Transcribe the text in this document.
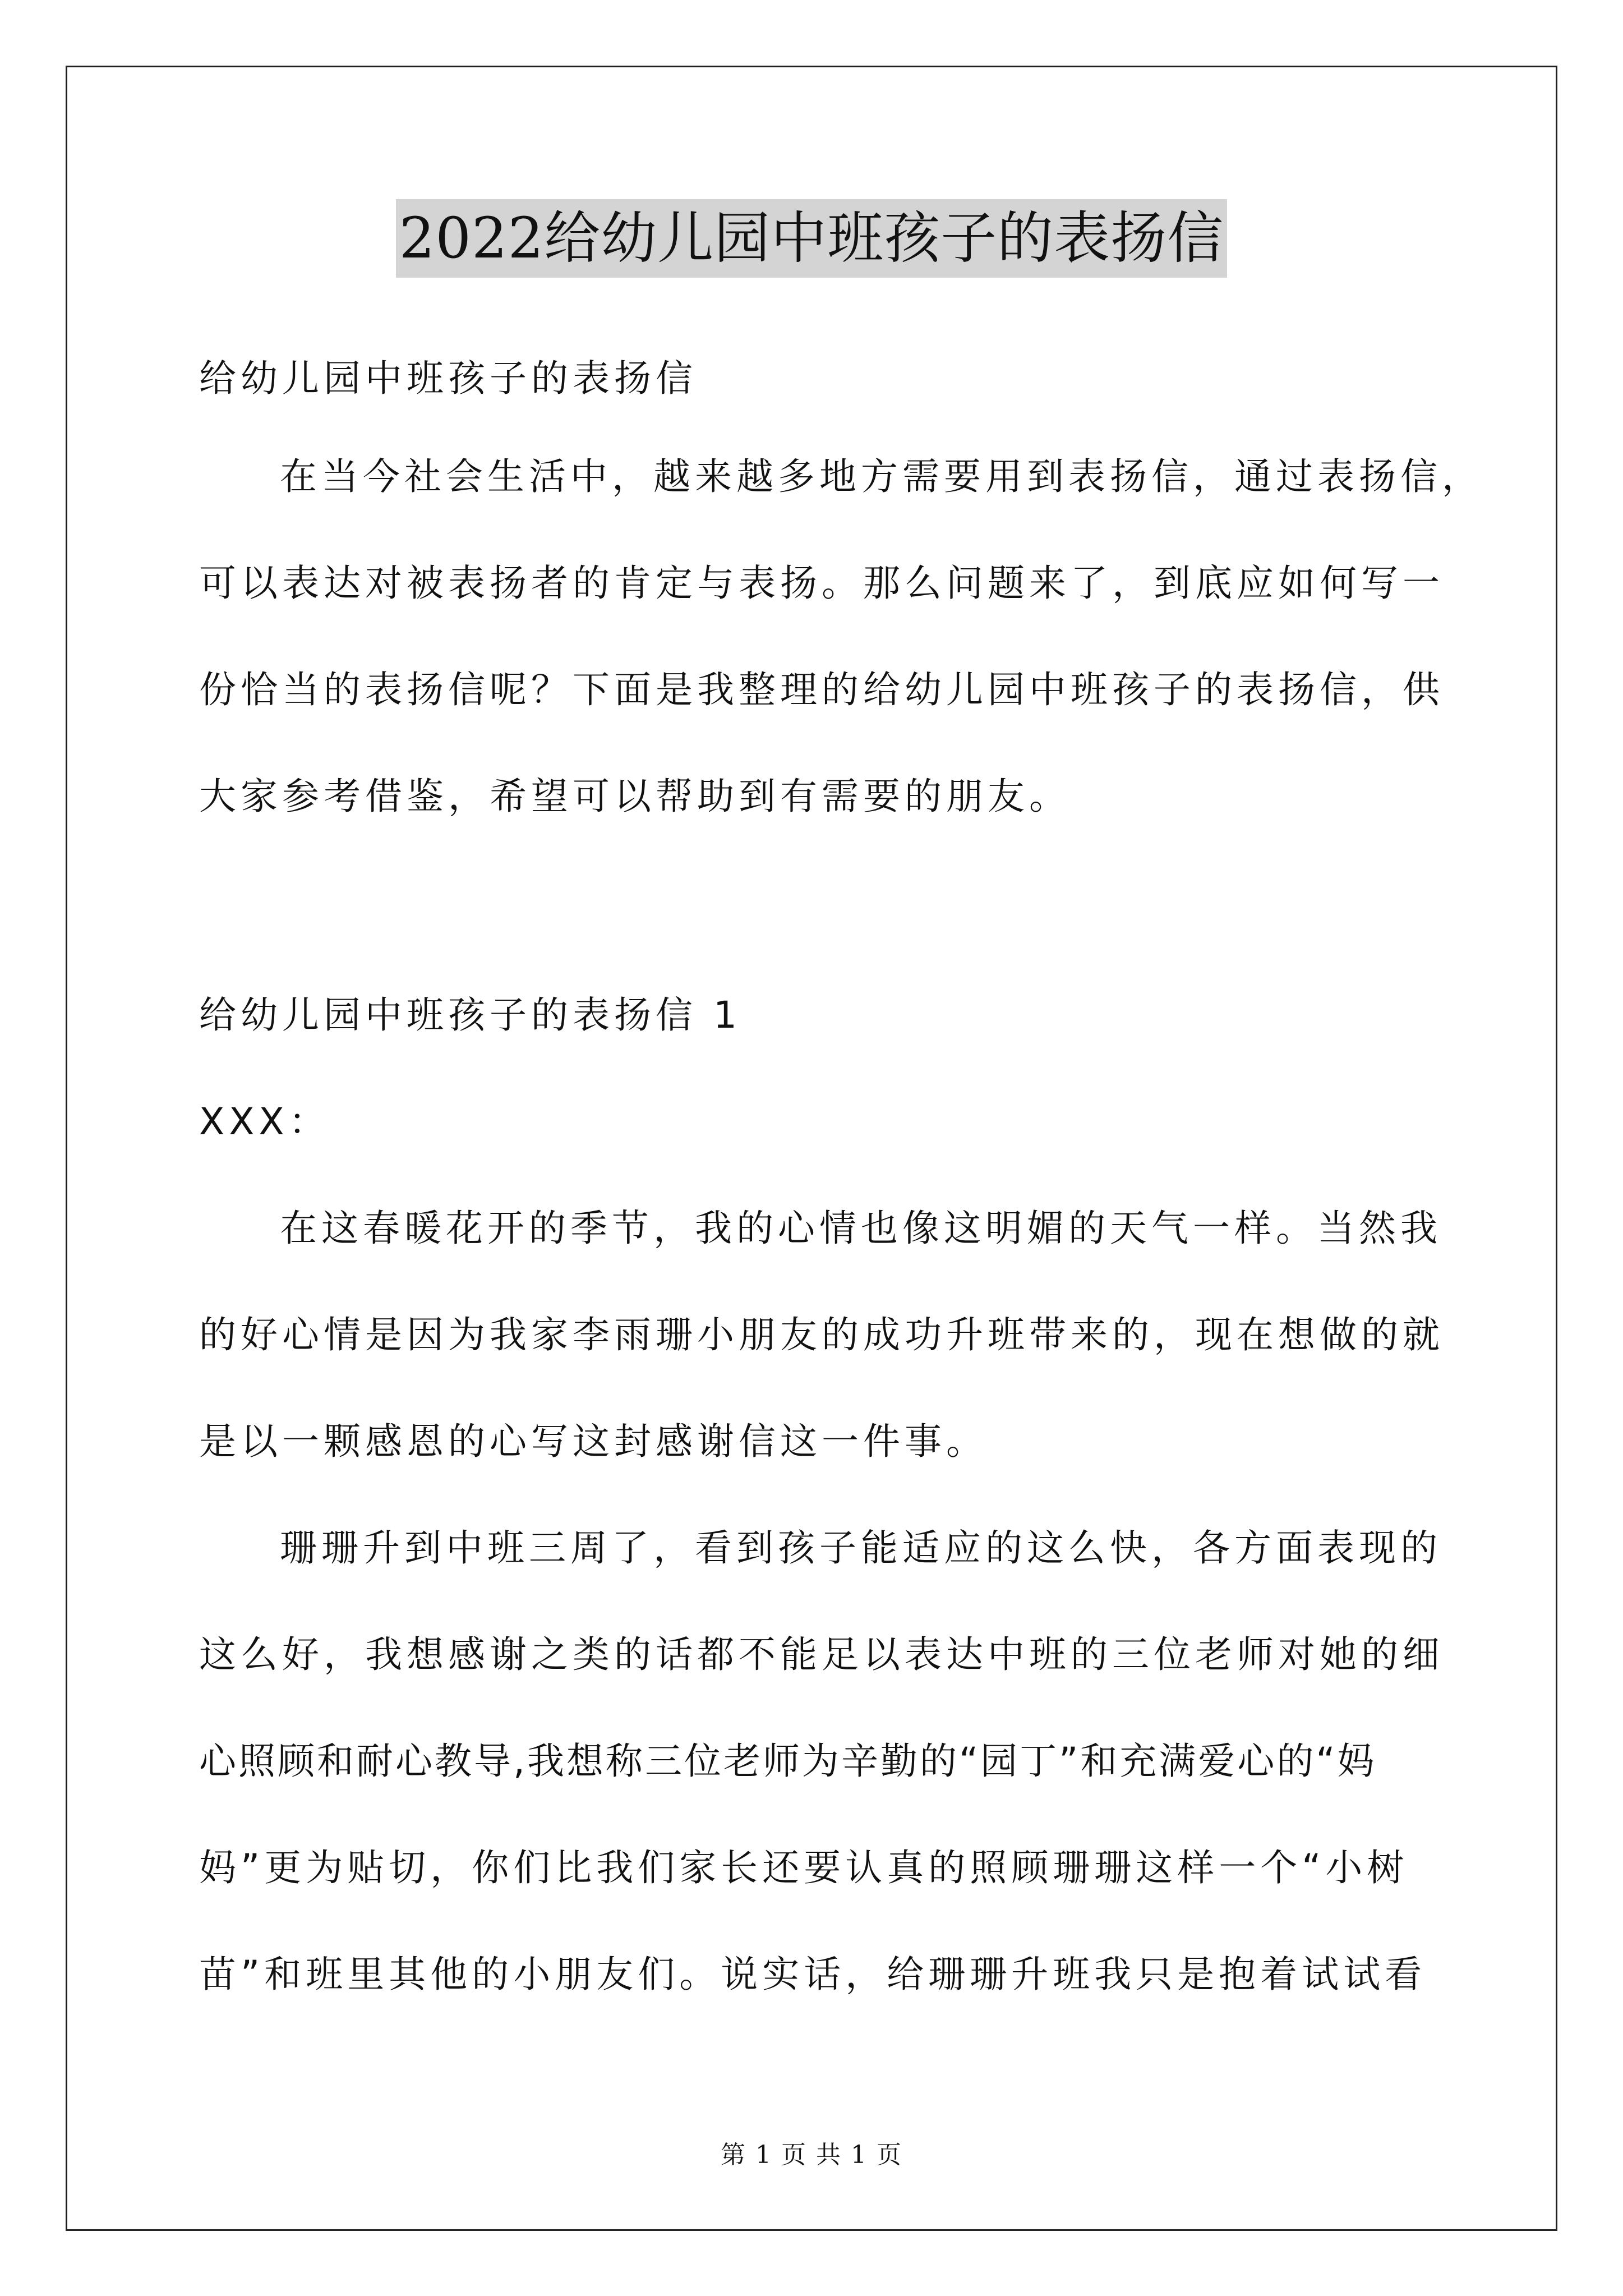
2022给幼儿园中班孩子的表扬信
给幼儿园中班孩子的表扬信
在当今社会生活中，越来越多地方需要用到表扬信，通过表扬信，
可以表达对被表扬者的肯定与表扬。那么问题来了，到底应如何写一
份恰当的表扬信呢？下面是我整理的给幼儿园中班孩子的表扬信，供
大家参考借鉴，希望可以帮助到有需要的朋友。
给幼儿园中班孩子的表扬信 1
XXX：
在这春暖花开的季节，我的心情也像这明媚的天气一样。当然我
的好心情是因为我家李雨珊小朋友的成功升班带来的，现在想做的就
是以一颗感恩的心写这封感谢信这一件事。
珊珊升到中班三周了，看到孩子能适应的这么快，各方面表现的
这么好，我想感谢之类的话都不能足以表达中班的三位老师对她的细
心照顾和耐心教导,我想称三位老师为辛勤的“园丁”和充满爱心的“妈
妈”更为贴切，你们比我们家长还要认真的照顾珊珊这样一个“小树
苗”和班里其他的小朋友们。说实话，给珊珊升班我只是抱着试试看
第 1 页 共 1 页
